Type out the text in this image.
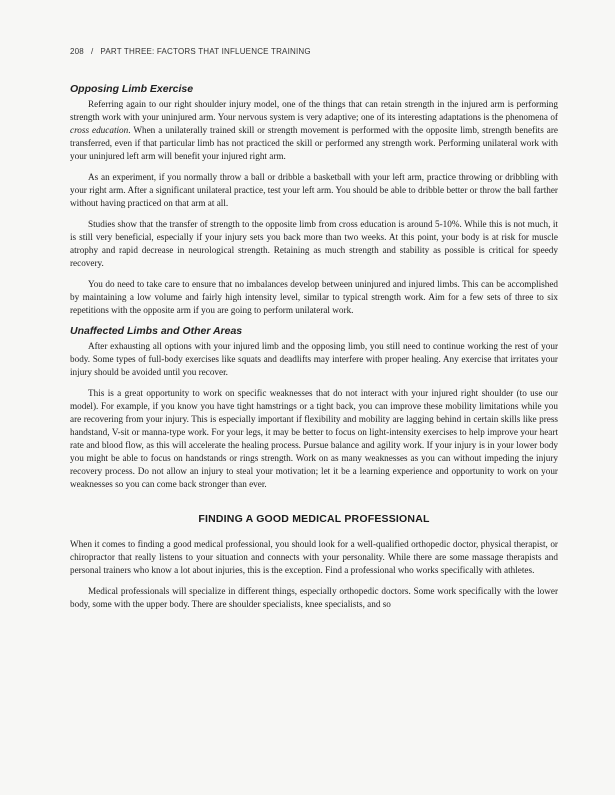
208 / PART THREE: FACTORS THAT INFLUENCE TRAINING
Opposing Limb Exercise

Referring again to our right shoulder injury model, one of the things that can retain strength in the injured arm is performing strength work with your uninjured arm. Your nervous system is very adaptive; one of its interesting adaptations is the phenomena of cross education. When a unilaterally trained skill or strength movement is performed with the opposite limb, strength benefits are transferred, even if that particular limb has not practiced the skill or performed any strength work. Performing unilateral work with your uninjured left arm will benefit your injured right arm.

As an experiment, if you normally throw a ball or dribble a basketball with your left arm, practice throwing or dribbling with your right arm. After a significant unilateral practice, test your left arm. You should be able to dribble better or throw the ball farther without having practiced on that arm at all.

Studies show that the transfer of strength to the opposite limb from cross education is around 5-10%. While this is not much, it is still very beneficial, especially if your injury sets you back more than two weeks. At this point, your body is at risk for muscle atrophy and rapid decrease in neurological strength. Retaining as much strength and stability as possible is critical for speedy recovery.

You do need to take care to ensure that no imbalances develop between uninjured and injured limbs. This can be accomplished by maintaining a low volume and fairly high intensity level, similar to typical strength work. Aim for a few sets of three to six repetitions with the opposite arm if you are going to perform unilateral work.

Unaffected Limbs and Other Areas

After exhausting all options with your injured limb and the opposing limb, you still need to continue working the rest of your body. Some types of full-body exercises like squats and deadlifts may interfere with proper healing. Any exercise that irritates your injury should be avoided until you recover.

This is a great opportunity to work on specific weaknesses that do not interact with your injured right shoulder (to use our model). For example, if you know you have tight hamstrings or a tight back, you can improve these mobility limitations while you are recovering from your injury. This is especially important if flexibility and mobility are lagging behind in certain skills like press handstand, V-sit or manna-type work. For your legs, it may be better to focus on light-intensity exercises to help improve your heart rate and blood flow, as this will accelerate the healing process. Pursue balance and agility work. If your injury is in your lower body you might be able to focus on handstands or rings strength. Work on as many weaknesses as you can without impeding the injury recovery process. Do not allow an injury to steal your motivation; let it be a learning experience and opportunity to work on your weaknesses so you can come back stronger than ever.

FINDING A GOOD MEDICAL PROFESSIONAL

When it comes to finding a good medical professional, you should look for a well-qualified orthopedic doctor, physical therapist, or chiropractor that really listens to your situation and connects with your personality. While there are some massage therapists and personal trainers who know a lot about injuries, this is the exception. Find a professional who works specifically with athletes.

Medical professionals will specialize in different things, especially orthopedic doctors. Some work specifically with the lower body, some with the upper body. There are shoulder specialists, knee specialists, and so
